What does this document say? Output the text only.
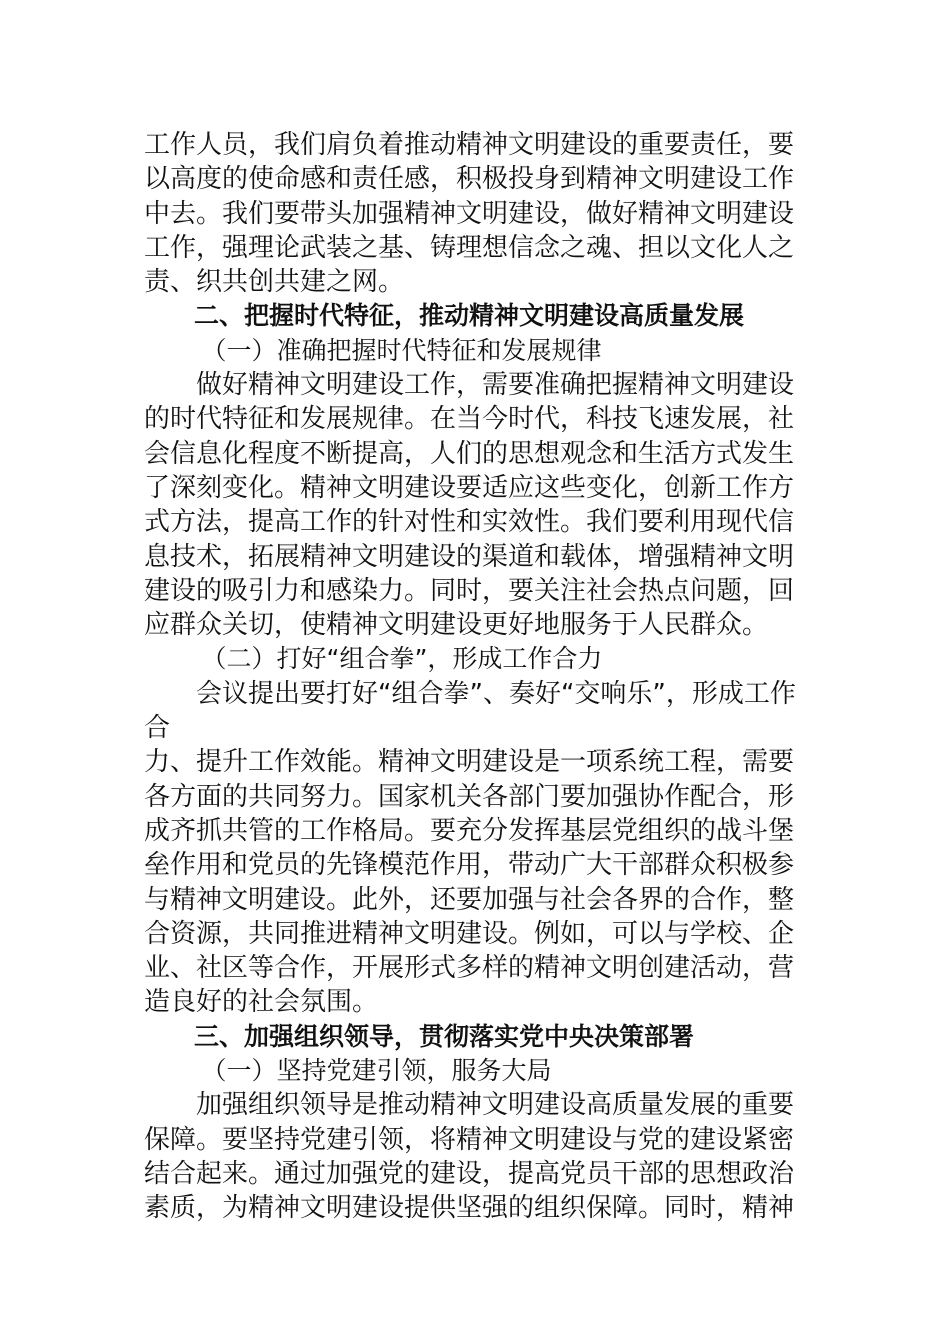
工作人员，我们肩负着推动精神文明建设的重要责任，要
以高度的使命感和责任感，积极投身到精神文明建设工作
中去。我们要带头加强精神文明建设，做好精神文明建设
工作，强理论武装之基、铸理想信念之魂、担以文化人之
责、织共创共建之网。

二、把握时代特征，推动精神文明建设高质量发展

（一）准确把握时代特征和发展规律

做好精神文明建设工作，需要准确把握精神文明建设
的时代特征和发展规律。在当今时代，科技飞速发展，社
会信息化程度不断提高，人们的思想观念和生活方式发生
了深刻变化。精神文明建设要适应这些变化，创新工作方
式方法，提高工作的针对性和实效性。我们要利用现代信
息技术，拓展精神文明建设的渠道和载体，增强精神文明
建设的吸引力和感染力。同时，要关注社会热点问题，回
应群众关切，使精神文明建设更好地服务于人民群众。

（二）打好“组合拳”，形成工作合力

会议提出要打好“组合拳”、奏好“交响乐”，形成工作合
力、提升工作效能。精神文明建设是一项系统工程，需要
各方面的共同努力。国家机关各部门要加强协作配合，形
成齐抓共管的工作格局。要充分发挥基层党组织的战斗堡
垒作用和党员的先锋模范作用，带动广大干部群众积极参
与精神文明建设。此外，还要加强与社会各界的合作，整
合资源，共同推进精神文明建设。例如，可以与学校、企
业、社区等合作，开展形式多样的精神文明创建活动，营
造良好的社会氛围。

三、加强组织领导，贯彻落实党中央决策部署

（一）坚持党建引领，服务大局

加强组织领导是推动精神文明建设高质量发展的重要
保障。要坚持党建引领，将精神文明建设与党的建设紧密
结合起来。通过加强党的建设，提高党员干部的思想政治
素质，为精神文明建设提供坚强的组织保障。同时，精神
